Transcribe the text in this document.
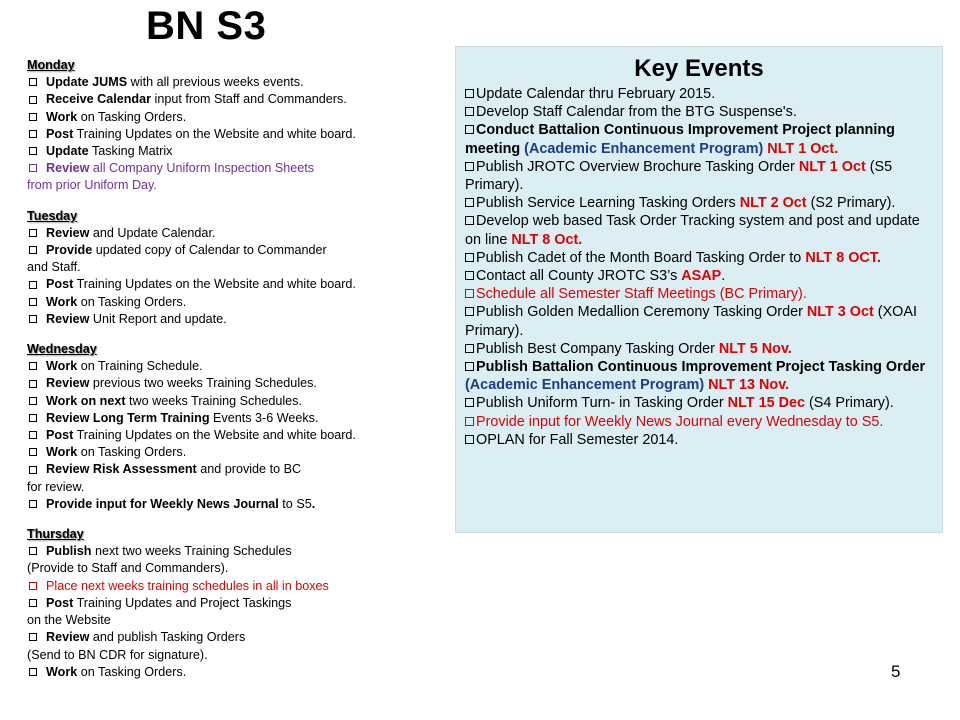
BN S3
Monday
Update JUMS with all previous weeks events.
Receive Calendar input from Staff and Commanders.
Work on Tasking Orders.
Post Training Updates on the Website and white board.
Update Tasking Matrix
Review all Company Uniform Inspection Sheets
from prior Uniform Day.
Tuesday
Review and Update Calendar.
Provide updated copy of Calendar to Commander
and Staff.
Post Training Updates on the Website and white board.
Work on Tasking Orders.
Review Unit Report and update.
Wednesday
Work on Training Schedule.
Review previous two weeks Training Schedules.
Work on next two weeks Training Schedules.
Review Long Term Training Events 3-6 Weeks.
Post Training Updates on the Website and white board.
Work on Tasking Orders.
Review Risk Assessment and provide to BC
for review.
Provide input for Weekly News Journal to S5.
Thursday
Publish next two weeks Training Schedules
(Provide to Staff and Commanders).
Place next weeks training schedules in all in boxes
Post Training Updates and Project Taskings
on the Website
Review and publish Tasking Orders
(Send to BN CDR for signature).
Work on Tasking Orders.
Key Events
Update Calendar thru February 2015.
Develop Staff Calendar from the BTG Suspense's.
Conduct Battalion Continuous Improvement Project planning meeting (Academic Enhancement Program) NLT 1 Oct.
Publish JROTC Overview Brochure Tasking Order NLT 1 Oct (S5 Primary).
Publish Service Learning Tasking Orders NLT 2 Oct (S2 Primary).
Develop web based Task Order Tracking system and post and update on line NLT 8 Oct.
Publish Cadet of the Month Board Tasking Order to NLT 8 OCT.
Contact all County JROTC S3’s ASAP.
Schedule all Semester Staff Meetings (BC Primary).
Publish Golden Medallion Ceremony Tasking Order NLT 3 Oct (XOAI Primary).
Publish Best Company Tasking Order NLT 5 Nov.
Publish Battalion Continuous Improvement Project Tasking Order (Academic Enhancement Program) NLT 13 Nov.
Publish Uniform Turn- in Tasking Order NLT 15 Dec (S4 Primary).
Provide input for Weekly News Journal every Wednesday to S5.
OPLAN for Fall Semester 2014.
5
